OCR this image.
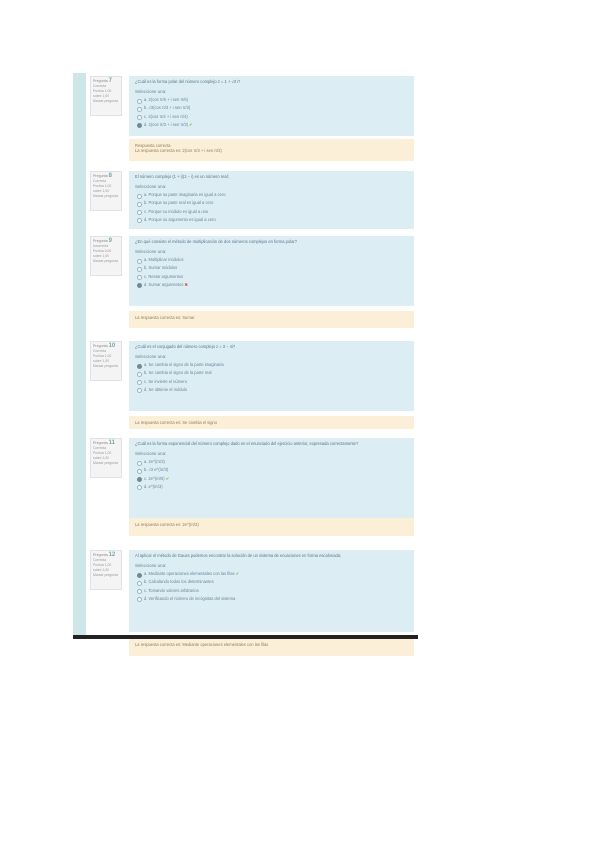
Pregunta 7
Correcta
Puntúa 1,00 sobre 1,00
Marcar pregunta
¿Cuál es la forma polar del número complejo z = 1 + √3 i?
Seleccione una:
a. 2(cos π/6 + i sen π/6)
b. √3(cos π/3 + i sen π/3)
c. 2(cos π/4 + i sen π/4)
d. 2(cos π/3 + i sen π/3) ✔
Respuesta correcta
La respuesta correcta es: 2(cos π/3 + i sen π/3)
Pregunta 8
Correcta
Puntúa 1,00 sobre 1,00
Marcar pregunta
El número complejo (1 + i)(1 − i) es un número real:
Seleccione una:
a. Porque su parte imaginaria es igual a cero
b. Porque su parte real es igual a cero
c. Porque su módulo es igual a uno
d. Porque su argumento es igual a cero
Pregunta 9
Incorrecta
Puntúa 0,00 sobre 1,00
Marcar pregunta
¿En qué consiste el método de multiplicación de dos números complejos en forma polar?
Seleccione una:
a. Multiplicar módulos
b. Sumar módulos
c. Restar argumentos
d. Sumar argumentos ✖
La respuesta correcta es: Sumar
Pregunta 10
Correcta
Puntúa 1,00 sobre 1,00
Marcar pregunta
¿Cuál es el conjugado del número complejo z = 3 − 4i?
Seleccione una:
a. Se cambia el signo de la parte imaginaria
b. Se cambia el signo de la parte real
c. Se invierte el número
d. Se obtiene el módulo
La respuesta correcta es: Se cambia el signo
Pregunta 11
Correcta
Puntúa 1,00 sobre 1,00
Marcar pregunta
¿Cuál es la forma exponencial del número complejo dado en el enunciado del ejercicio anterior, expresada correctamente?
Seleccione una:
a. 2e^(iπ/3)
b. √3 e^(iπ/3)
c. 2e^(iπ/6) ✔
d. e^(iπ/3)
La respuesta correcta es: 2e^(iπ/3)
Pregunta 12
Correcta
Puntúa 1,00 sobre 1,00
Marcar pregunta
Al aplicar el método de Gauss podemos encontrar la solución de un sistema de ecuaciones en forma escalonada:
Seleccione una:
a. Mediante operaciones elementales con las filas ✔
b. Calculando todos los determinantes
c. Tomando valores arbitrarios
d. Verificando el número de incógnitas del sistema
La respuesta correcta es: Mediante operaciones elementales con las filas
